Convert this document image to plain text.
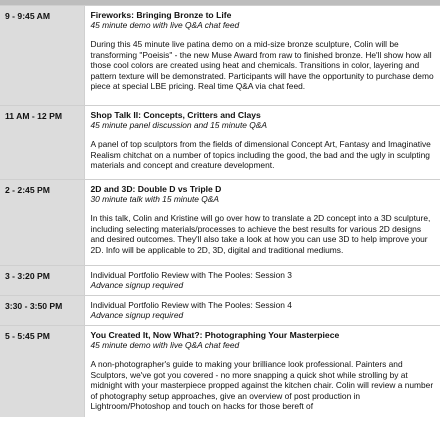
9 - 9:45 AM	Fireworks: Bringing Bronze to Life
45 minute demo with live Q&A chat feed
During this 45 minute live patina demo on a mid-size bronze sculpture, Colin will be transforming "Poeisis" - the new Muse Award from raw to finished bronze. He'll show how all those cool colors are created using heat and chemicals. Transitions in color, layering and pattern texture will be demonstrated. Participants will have the opportunity to purchase demo piece at special LBE pricing. Real time Q&A via chat feed.

11 AM - 12 PM	Shop Talk II: Concepts, Critters and Clays
45 minute panel discussion and 15 minute Q&A
A panel of top sculptors from the fields of dimensional Concept Art, Fantasy and Imaginative Realism chitchat on a number of topics including the good, the bad and the ugly in sculpting materials and concept and creature development.

2 - 2:45 PM	2D and 3D: Double D vs Triple D
30 minute talk with 15 minute Q&A
In this talk, Colin and Kristine will go over how to translate a 2D concept into a 3D sculpture, including selecting materials/processes to achieve the best results for various 2D designs and desired outcomes. They'll also take a look at how you can use 3D to help improve your 2D. Info will be applicable to 2D, 3D, digital and traditional mediums.

3 - 3:20 PM	Individual Portfolio Review with The Pooles: Session 3
Advance signup required

3:30 - 3:50 PM	Individual Portfolio Review with The Pooles: Session 4
Advance signup required

5 - 5:45 PM	You Created It, Now What?: Photographing Your Masterpiece
45 minute demo with live Q&A chat feed
A non-photographer's guide to making your brilliance look professional. Painters and Sculptors, we've got you covered - no more snapping a quick shot while strolling by at midnight with your masterpiece propped against the kitchen chair. Colin will review a number of photography setup approaches, give an overview of post production in Lightroom/Photoshop and touch on hacks for those bereft of
